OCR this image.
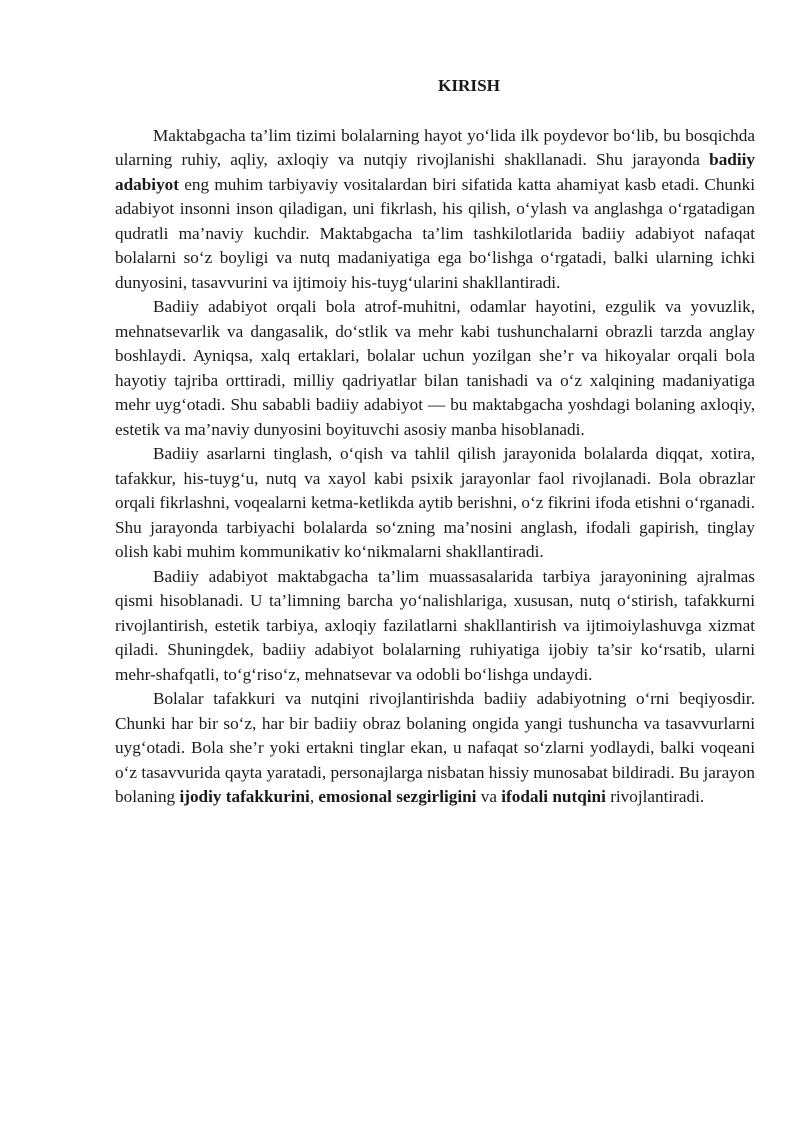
KIRISH

Maktabgacha ta’lim tizimi bolalarning hayot yo‘lida ilk poydevor bo‘lib, bu bosqichda ularning ruhiy, aqliy, axloqiy va nutqiy rivojlanishi shakllanadi. Shu jarayonda badiiy adabiyot eng muhim tarbiyaviy vositalardan biri sifatida katta ahamiyat kasb etadi. Chunki adabiyot insonni inson qiladigan, uni fikrlash, his qilish, o‘ylash va anglashga o‘rgatadigan qudratli ma’naviy kuchdir. Maktabgacha ta’lim tashkilotlarida badiiy adabiyot nafaqat bolalarni so‘z boyligi va nutq madaniyatiga ega bo‘lishga o‘rgatadi, balki ularning ichki dunyosini, tasavvurini va ijtimoiy his-tuyg‘ularini shakllantiradi.

Badiiy adabiyot orqali bola atrof-muhitni, odamlar hayotini, ezgulik va yovuzlik, mehnatsevarlik va dangasalik, do‘stlik va mehr kabi tushunchalarni obrazli tarzda anglay boshlaydi. Ayniqsa, xalq ertaklari, bolalar uchun yozilgan she’r va hikoyalar orqali bola hayotiy tajriba orttiradi, milliy qadriyatlar bilan tanishadi va o‘z xalqining madaniyatiga mehr uyg‘otadi. Shu sababli badiiy adabiyot — bu maktabgacha yoshdagi bolaning axloqiy, estetik va ma’naviy dunyosini boyituvchi asosiy manba hisoblanadi.

Badiiy asarlarni tinglash, o‘qish va tahlil qilish jarayonida bolalarda diqqat, xotira, tafakkur, his-tuyg‘u, nutq va xayol kabi psixik jarayonlar faol rivojlanadi. Bola obrazlar orqali fikrlashni, voqealarni ketma-ketlikda aytib berishni, o‘z fikrini ifoda etishni o‘rganadi. Shu jarayonda tarbiyachi bolalarda so‘zning ma’nosini anglash, ifodali gapirish, tinglay olish kabi muhim kommunikativ ko‘nikmalarni shakllantiradi.

Badiiy adabiyot maktabgacha ta’lim muassasalarida tarbiya jarayonining ajralmas qismi hisoblanadi. U ta’limning barcha yo‘nalishlariga, xususan, nutq o‘stirish, tafakkurni rivojlantirish, estetik tarbiya, axloqiy fazilatlarni shakllantirish va ijtimoiylashuvga xizmat qiladi. Shuningdek, badiiy adabiyot bolalarning ruhiyatiga ijobiy ta’sir ko‘rsatib, ularni mehr-shafqatli, to‘g‘riso‘z, mehnatsevar va odobli bo‘lishga undaydi.

Bolalar tafakkuri va nutqini rivojlantirishda badiiy adabiyotning o‘rni beqiyosdir. Chunki har bir so‘z, har bir badiiy obraz bolaning ongida yangi tushuncha va tasavvurlarni uyg‘otadi. Bola she’r yoki ertakni tinglar ekan, u nafaqat so‘zlarni yodlaydi, balki voqeani o‘z tasavvurida qayta yaratadi, personajlarga nisbatan hissiy munosabat bildiradi. Bu jarayon bolaning ijodiy tafakkurini, emosional sezgirligini va ifodali nutqini rivojlantiradi.
